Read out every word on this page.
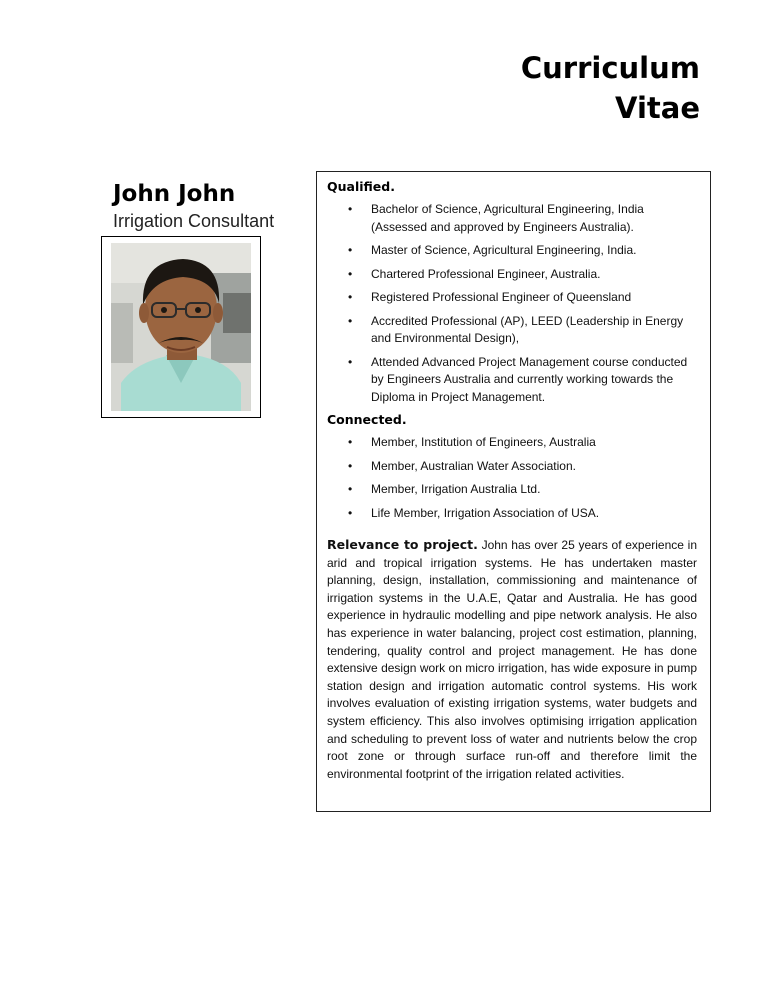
Curriculum
Vitae
John John
Irrigation Consultant

Qualified.

• Bachelor of Science, Agricultural Engineering, India (Assessed and approved by Engineers Australia).
• Master of Science, Agricultural Engineering, India.
• Chartered Professional Engineer, Australia.
• Registered Professional Engineer of Queensland
• Accredited Professional (AP), LEED (Leadership in Energy and Environmental Design),
• Attended Advanced Project Management course conducted by Engineers Australia and currently working towards the Diploma in Project Management.

Connected.

• Member, Institution of Engineers, Australia
• Member, Australian Water Association.
• Member, Irrigation Australia Ltd.
• Life Member, Irrigation Association of USA.
Relevance to project. John has over 25 years of experience in arid and tropical irrigation systems. He has undertaken master planning, design, installation, commissioning and maintenance of irrigation systems in the U.A.E, Qatar and Australia. He has good experience in hydraulic modelling and pipe network analysis. He also has experience in water balancing, project cost estimation, planning, tendering, quality control and project management. He has done extensive design work on micro irrigation, has wide exposure in pump station design and irrigation automatic control systems. His work involves evaluation of existing irrigation systems, water budgets and system efficiency. This also involves optimising irrigation application and scheduling to prevent loss of water and nutrients below the crop root zone or through surface run-off and therefore limit the environmental footprint of the irrigation related activities.
